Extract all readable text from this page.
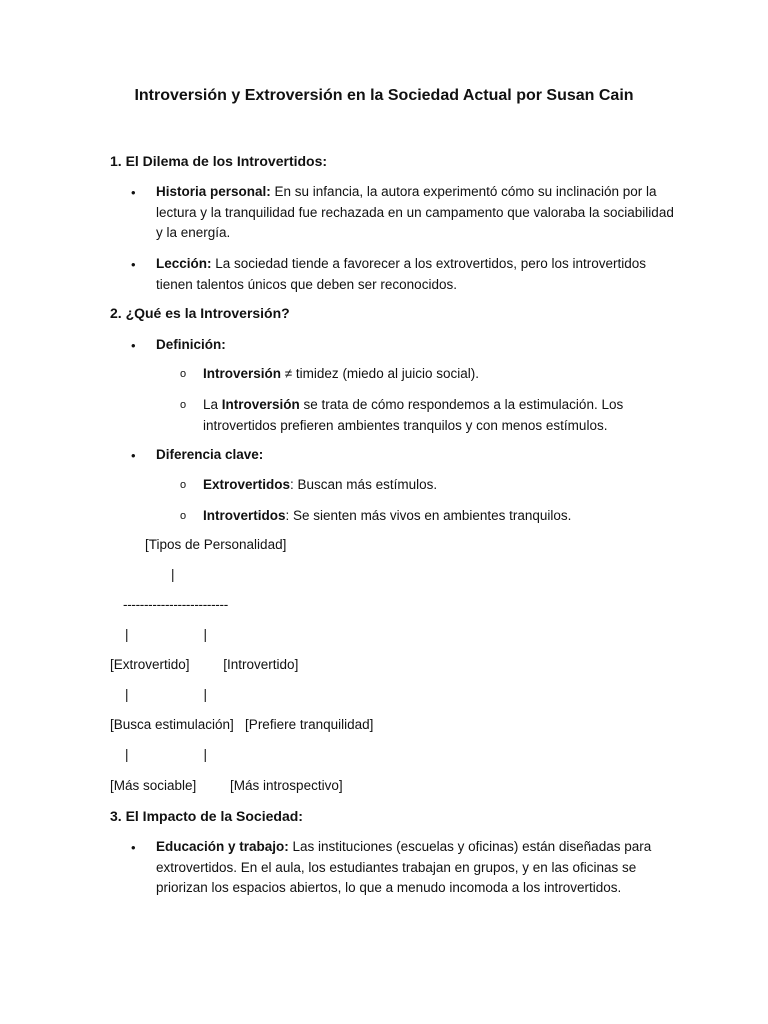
Introversión y Extroversión en la Sociedad Actual por Susan Cain
1. El Dilema de los Introvertidos:
• Historia personal: En su infancia, la autora experimentó cómo su inclinación por la lectura y la tranquilidad fue rechazada en un campamento que valoraba la sociabilidad y la energía.
• Lección: La sociedad tiende a favorecer a los extrovertidos, pero los introvertidos tienen talentos únicos que deben ser reconocidos.
2. ¿Qué es la Introversión?
• Definición:
o Introversión ≠ timidez (miedo al juicio social).
o La Introversión se trata de cómo respondemos a la estimulación. Los introvertidos prefieren ambientes tranquilos y con menos estímulos.
• Diferencia clave:
o Extrovertidos: Buscan más estímulos.
o Introvertidos: Se sienten más vivos en ambientes tranquilos.
[Tipos de Personalidad]
|
-------------------------
|                    |
[Extrovertido]         [Introvertido]
|                    |
[Busca estimulación]   [Prefiere tranquilidad]
|                    |
[Más sociable]         [Más introspectivo]
3. El Impacto de la Sociedad:
• Educación y trabajo: Las instituciones (escuelas y oficinas) están diseñadas para extrovertidos. En el aula, los estudiantes trabajan en grupos, y en las oficinas se priorizan los espacios abiertos, lo que a menudo incomoda a los introvertidos.
